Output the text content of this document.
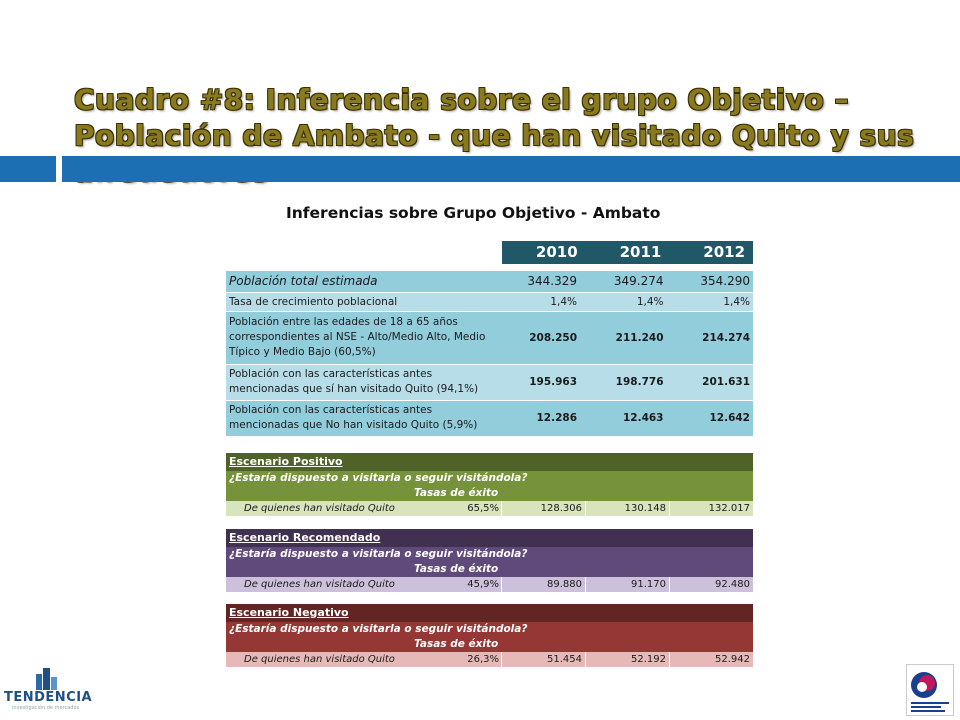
Cuadro #8: Inferencia sobre el grupo Objetivo – Población de Ambato - que han visitado Quito y sus
Inferencias sobre Grupo Objetivo - Ambato
2010	2011	2012
Población total estimada	344.329	349.274	354.290
Tasa de crecimiento poblacional	1,4%	1,4%	1,4%
Población entre las edades de 18 a 65 años correspondientes al NSE - Alto/Medio Alto, Medio Típico y Medio Bajo (60,5%)	208.250	211.240	214.274
Población con las características antes mencionadas que sí han visitado Quito (94,1%)	195.963	198.776	201.631
Población con las características antes mencionadas que No han visitado Quito (5,9%)	12.286	12.463	12.642
Escenario Positivo
¿Estaría dispuesto a visitarla o seguir visitándola?
Tasas de éxito
De quienes han visitado Quito	65,5%	128.306	130.148	132.017
Escenario Recomendado
¿Estaría dispuesto a visitarla o seguir visitándola?
Tasas de éxito
De quienes han visitado Quito	45,9%	89.880	91.170	92.480
Escenario Negativo
¿Estaría dispuesto a visitarla o seguir visitándola?
Tasas de éxito
De quienes han visitado Quito	26,3%	51.454	52.192	52.942
TENDENCIA
investigación de mercados
